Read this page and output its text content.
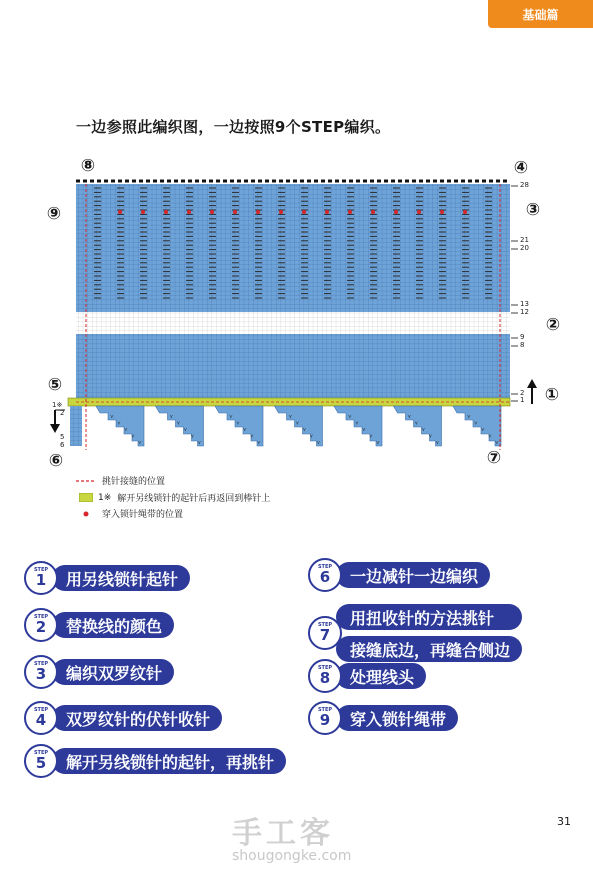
基础篇
一边参照此编织图，一边按照9个STEP编织。
⋎
⋎
⋎
⋎
⋎
⋎
⋎
⋎
⋎
⋎
⋎
⋎
⋎
⋎
⋎
⋎
⋎
⋎
⋎
⋎
⋎
⋎
⋎
⋎
⋎
⋎
⋎
⋎
⋎
⋎
⋎
⋎
⋎
⋎
⋎
⑧	④
⑨	③
②
⑤	①
⑥	⑦
28
21
20
13
12
9
8
2
1
1※
2
5
6
挑针接缝的位置
1※ 解开另线锁针的起针后再返回到棒针上
穿入锁针绳带的位置
STEP
1	用另线锁针起针
STEP
2	替换线的颜色
STEP
3	编织双罗纹针
STEP
4	双罗纹针的伏针收针
STEP
5	解开另线锁针的起针，再挑针
STEP
6	一边减针一边编织
STEP
7
用扭收针的方法挑针
接缝底边，再缝合侧边
STEP
8	处理线头
STEP
9	穿入锁针绳带
手工客
shougongke.com
31
